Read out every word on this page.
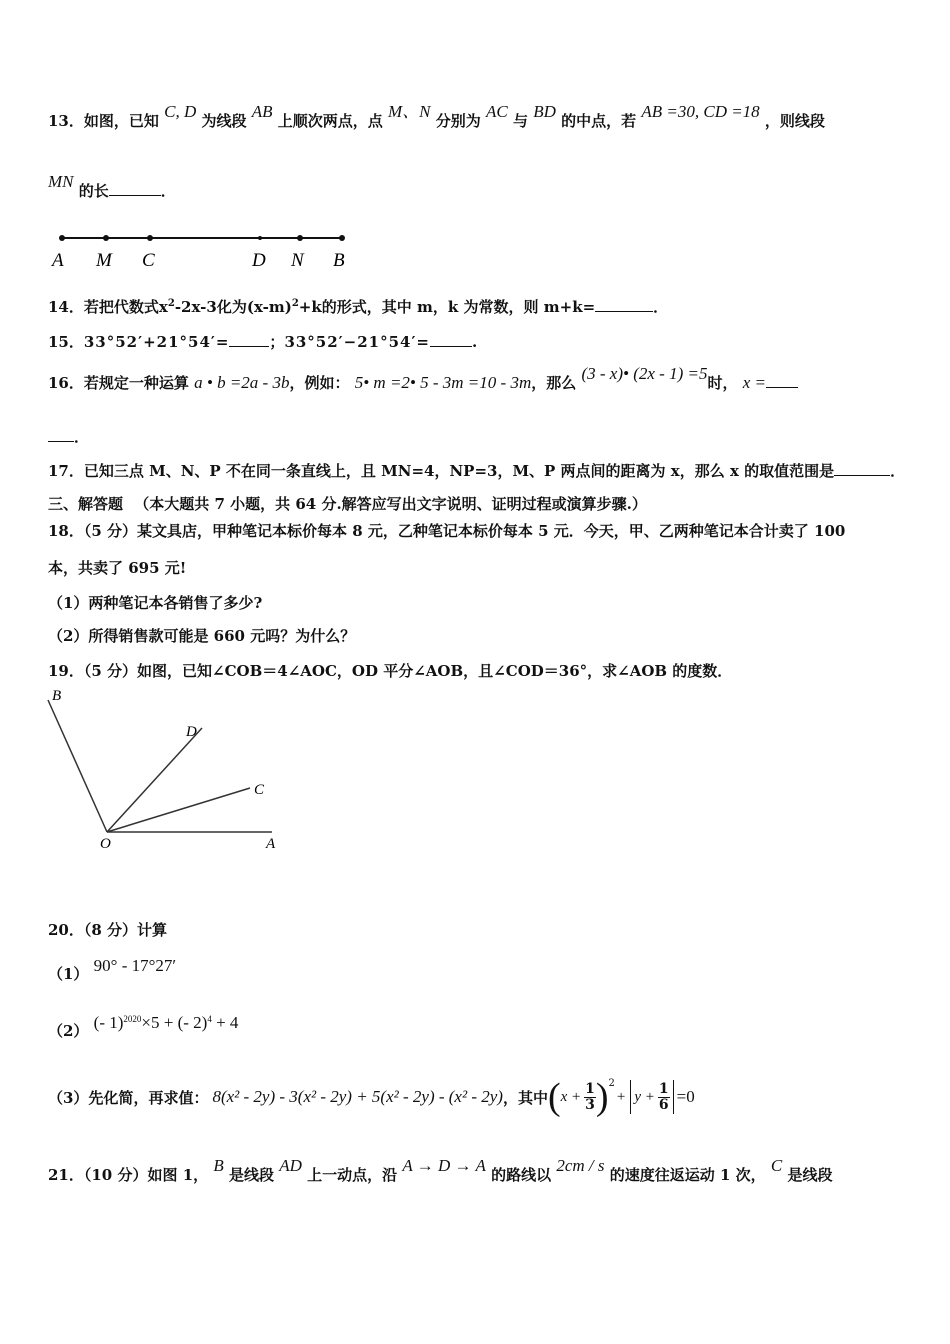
13．如图，已知 C, D 为线段 AB 上顺次两点，点 M、N 分别为 AC 与 BD 的中点，若 AB =30, CD =18 ，则线段
MN 的长	．
A M C	D N B
14．若把代数式$x^2-2x-3$化为$(x-m)^2+k$的形式，其中 m，k 为常数，则 m+k=	．
15．33°52′+21°54′=	；33°52′−21°54′=	.
16．若规定一种运算 a • b =2a - 3b，例如： 5• m =2• 5 - 3m =10 - 3m，那么 (3 - x)• (2x - 1) =5时， x =
．
17．已知三点 M、N、P 不在同一条直线上，且 MN=4，NP=3，M、P 两点间的距离为 x，那么 x 的取值范围是	．
三、解答题 （本大题共 7 小题，共 64 分.解答应写出文字说明、证明过程或演算步骤.）
18．（5 分）某文具店，甲种笔记本标价每本 8 元，乙种笔记本标价每本 5 元．今天，甲、乙两种笔记本合计卖了 100
本，共卖了 695 元!
（1）两种笔记本各销售了多少?
（2）所得销售款可能是 660 元吗？为什么？
19．（5 分）如图，已知∠COB＝4∠AOC，OD 平分∠AOB，且∠COD＝36°，求∠AOB 的度数．
B
D
C
O	A
20．（8 分）计算
（1） 90° - 17°27′
（2） (- 1)$^{2020}$×5 + (- 2)$^4$ + 4
（3）先化简，再求值： 8(x² - 2y) - 3(x² - 2y) + 5(x² - 2y) - (x² - 2y) ，其中 ( $x + \frac{1}{3} )^2$
+ $y + \frac{1}{6} =0$
21．（10 分）如图 1， B 是线段 AD 上一动点，沿 A → D → A 的路线以 2cm / s 的速度往返运动 1 次， C 是线段
